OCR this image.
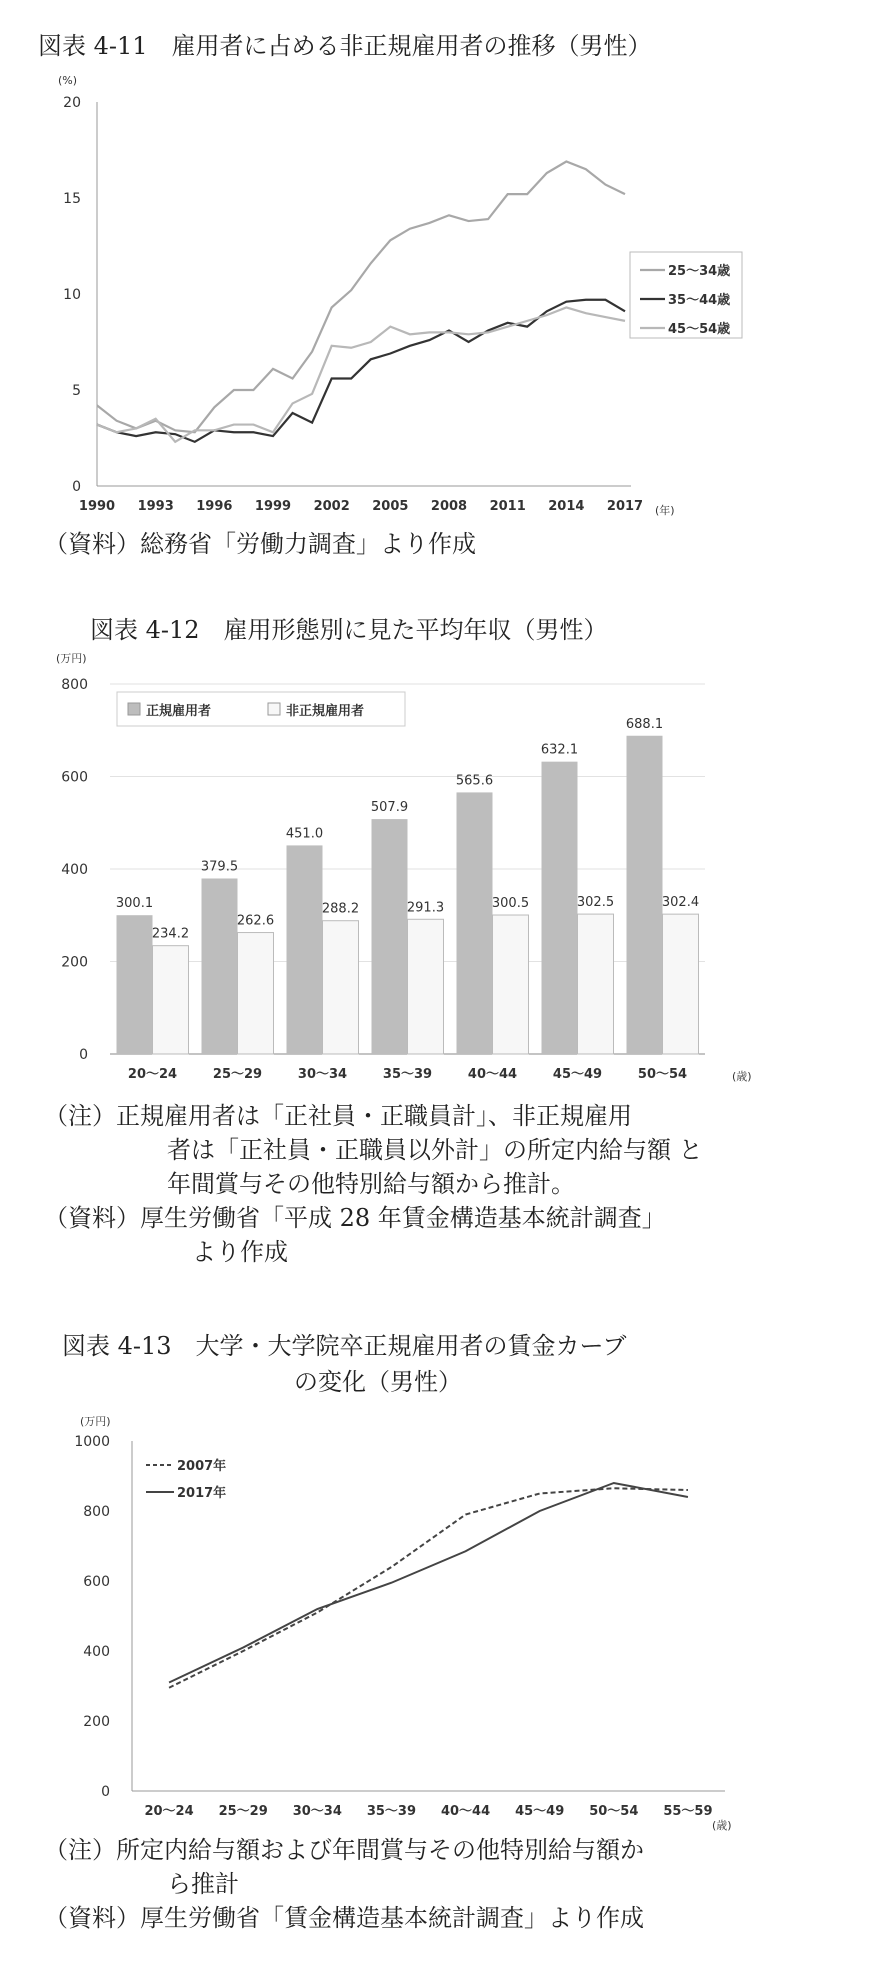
図表 4-11　雇用者に占める非正規雇用者の推移（男性）
0
5
10
15
20
(%)
1990 1993 1996 1999 2002 2005 2008 2011 2014 2017 (年)
25〜34歳
35〜44歳
45〜54歳
（資料）総務省「労働力調査」より作成
図表 4-12　雇用形態別に見た平均年収（男性）
0
200
400
600
800
(万円)
300.1
234.2
20〜24
379.5
262.6
25〜29
451.0
288.2
30〜34
507.9
291.3
35〜39
565.6
300.5
40〜44
632.1
302.5
45〜49
688.1
302.4
50〜54	(歳)
正規雇用者	非正規雇用者
（注）正規雇用者は「正社員・正職員計」、非正規雇用
者は「正社員・正職員以外計」の所定内給与額 と
年間賞与その他特別給与額から推計。
（資料）厚生労働省「平成 28 年賃金構造基本統計調査」
より作成
図表 4-13　大学・大学院卒正規雇用者の賃金カーブ
の変化（男性）
0
200
400
600
800
1000
(万円)
20〜24 25〜29 30〜34 35〜39 40〜44 45〜49 50〜54 55〜59
(歳)
2007年
2017年
（注）所定内給与額および年間賞与その他特別給与額か
ら推計
（資料）厚生労働省「賃金構造基本統計調査」より作成
